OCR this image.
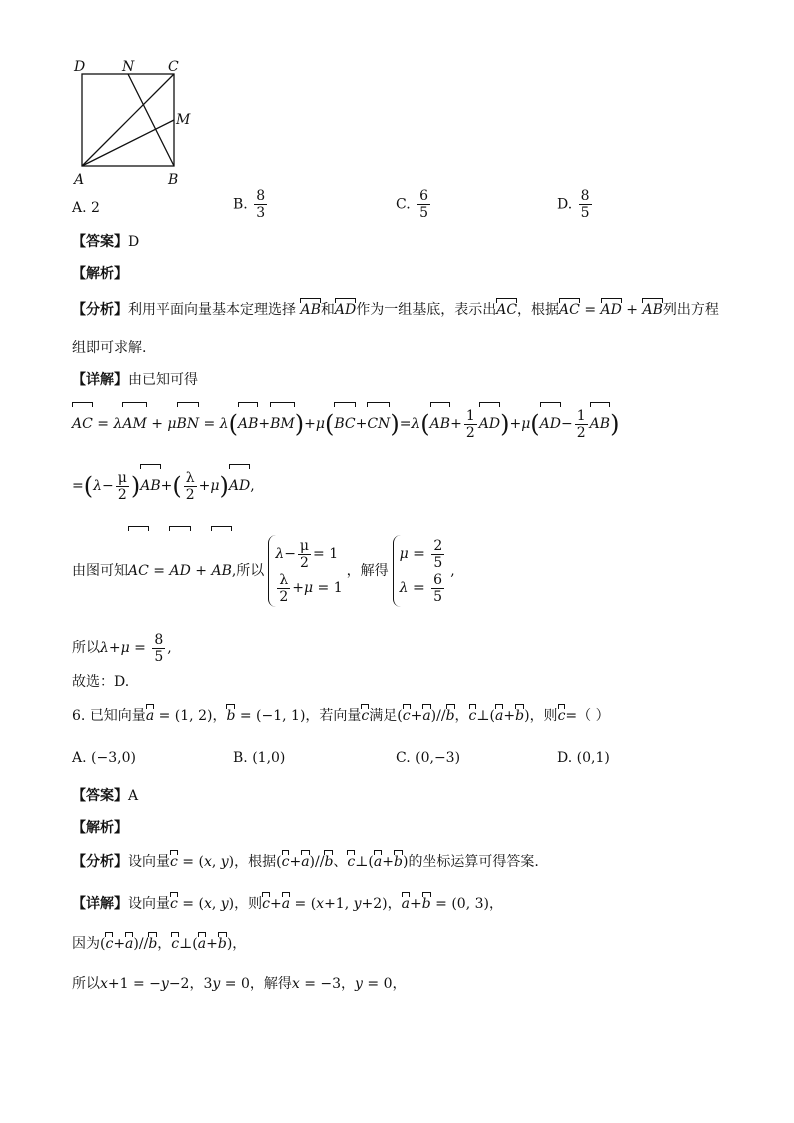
D	N C
M
A	B
A. 2	B. $\frac{8}{3}$	C. $\frac{6}{5}$	D. $\frac{8}{5}$
【答案】D
【解析】
【分析】利用平面向量基本定理选择 AB和AD作为一组基底，表示出AC，根据AC = AD + AB列出方程
组即可求解.
【详解】由已知可得
AC = $\lambda AM + \mu BN = \lambda(AB+BM)+\mu(BC+CN)=\lambda(AB+ \frac{1}{2} AD)+\mu(AD- \frac{1}{2} AB)$
$=(\lambda- \frac{\mu}{2} )AB+( \frac{\lambda}{2} +\mu)AD$,
由图可知AC = AD + AB,所以
$\lambda- \frac{\mu}{2} = 1$
$\frac{\lambda}{2} +\mu = 1$
，解得
$\mu = \frac{2}{5}$
$\lambda = \frac{6}{5}$
,
所以$\lambda+\mu = \frac{8}{5}$ ,
故选：D.
6. 已知向量a = (1, 2)，b = (−1, 1)，若向量c满足(c+a)//b，c⊥(a+b)，则c=（ ）
A. (−3,0)	B. (1,0)	C. (0,−3)	D. (0,1)
【答案】A
【解析】
【分析】设向量c = (x, y)，根据(c+a)//b、c⊥(a+b)的坐标运算可得答案.
【详解】设向量c = (x, y)，则c+a = (x+1, y+2)，a+b = (0, 3)，
因为(c+a)//b，c⊥(a+b)，
所以x+1 = −y−2，3y = 0，解得x = −3，y = 0，
